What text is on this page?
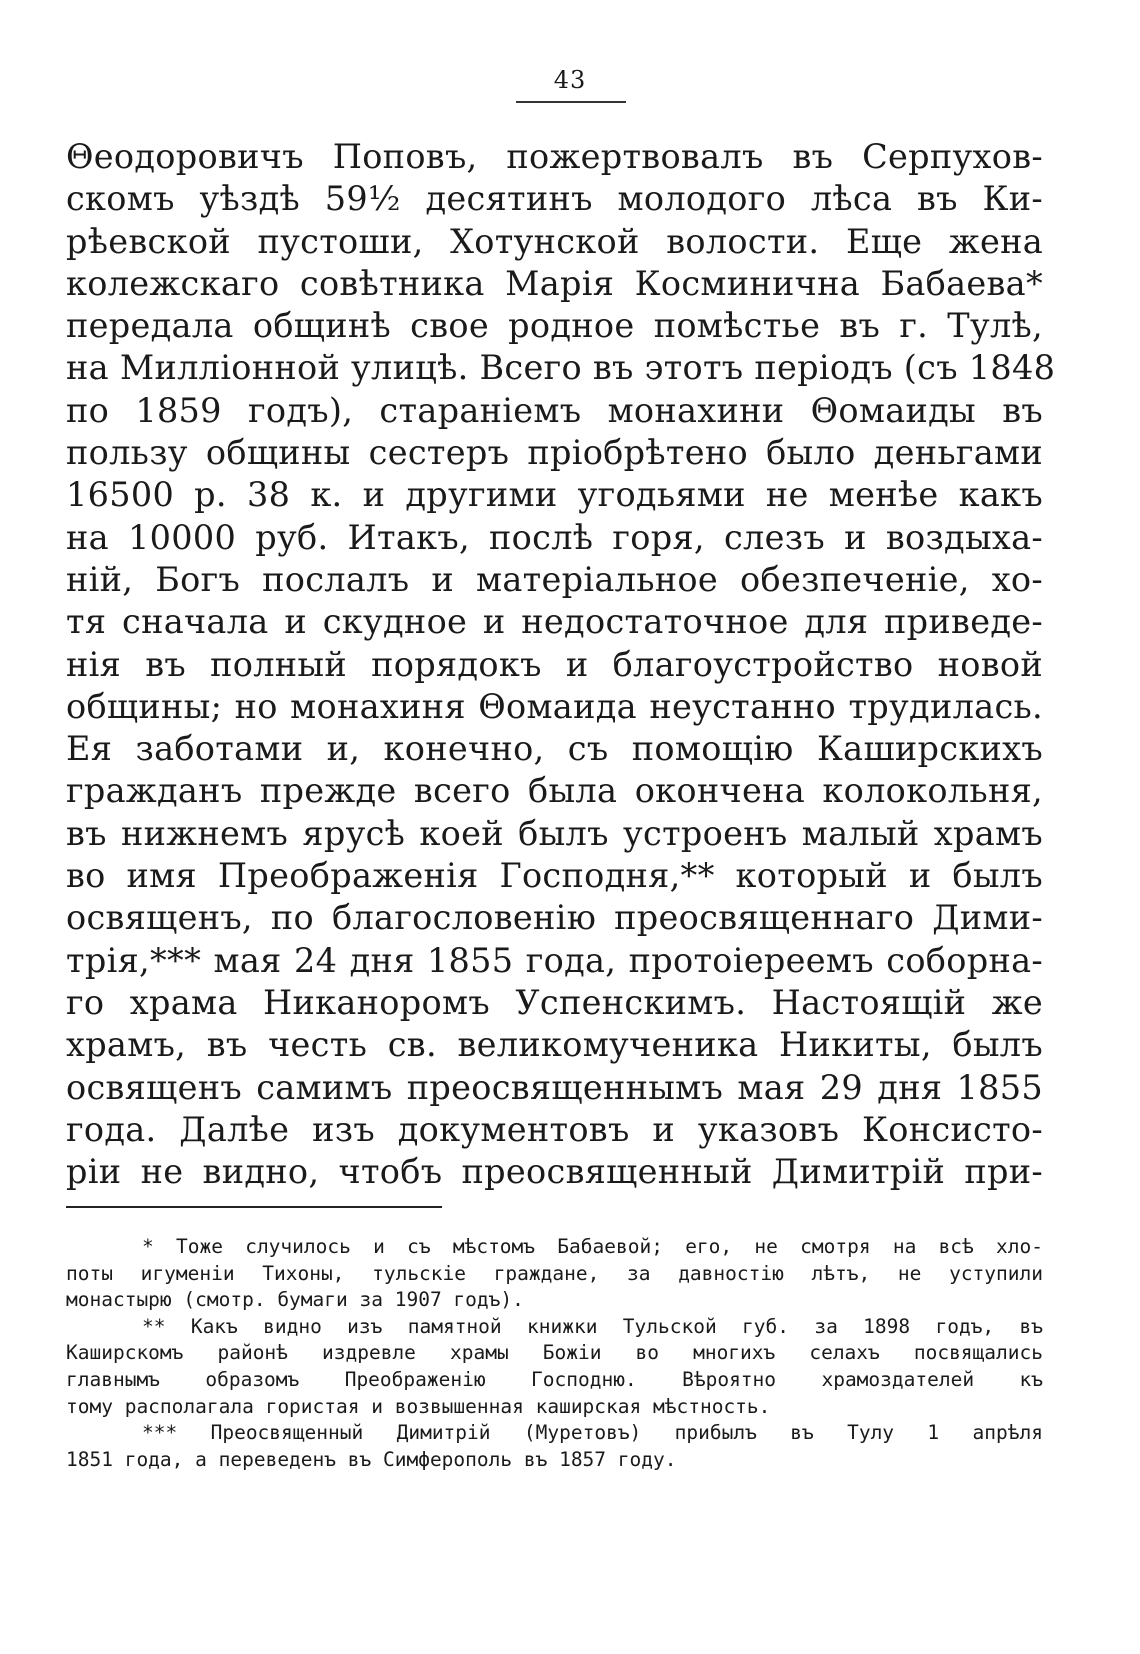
43
Θеодоровичъ Поповъ, пожертвовалъ въ Серпухов-
скомъ уѣздѣ 59½ десятинъ молодого лѣса въ Ки-
рѣевской пустоши, Хотунской волости. Еще жена
колежскаго совѣтника Марія Косминична Бабаева*
передала общинѣ свое родное помѣстье въ г. Тулѣ,
на Милліонной улицѣ. Всего въ этотъ періодъ (съ 1848
по 1859 годъ), стараніемъ монахини Θомаиды въ
пользу общины сестеръ пріобрѣтено было деньгами
16500 р. 38 к. и другими угодьями не менѣе какъ
на 10000 руб. Итакъ, послѣ горя, слезъ и воздыха-
ній, Богъ послалъ и матеріальное обезпеченіе, хо-
тя сначала и скудное и недостаточное для приведе-
нія въ полный порядокъ и благоустройство новой
общины; но монахиня Θомаида неустанно трудилась.
Ея заботами и, конечно, съ помощію Каширскихъ
гражданъ прежде всего была окончена колокольня,
въ нижнемъ ярусѣ коей былъ устроенъ малый храмъ
во имя Преображенія Господня,** который и былъ
освященъ, по благословенію преосвященнаго Дими-
трія,*** мая 24 дня 1855 года, протоіереемъ соборна-
го храма Никаноромъ Успенскимъ. Настоящій же
храмъ, въ честь св. великомученика Никиты, былъ
освященъ самимъ преосвященнымъ мая 29 дня 1855
года. Далѣе изъ документовъ и указовъ Консисто-
ріи не видно, чтобъ преосвященный Димитрій при-
* Тоже случилось и съ мѣстомъ Бабаевой; его, не смотря на всѣ хло-
поты игуменіи Тихоны, тульскіе граждане, за давностію лѣтъ, не уступили
монастырю (смотр. бумаги за 1907 годъ).
** Какъ видно изъ памятной книжки Тульской губ. за 1898 годъ, въ
Каширскомъ районѣ издревле храмы Божіи во многихъ селахъ посвящались
главнымъ образомъ Преображенію Господню. Вѣроятно храмоздателей къ
тому располагала гористая и возвышенная каширская мѣстность.
*** Преосвященный Димитрій (Муретовъ) прибылъ въ Тулу 1 апрѣля
1851 года, а переведенъ въ Симферополь въ 1857 году.
